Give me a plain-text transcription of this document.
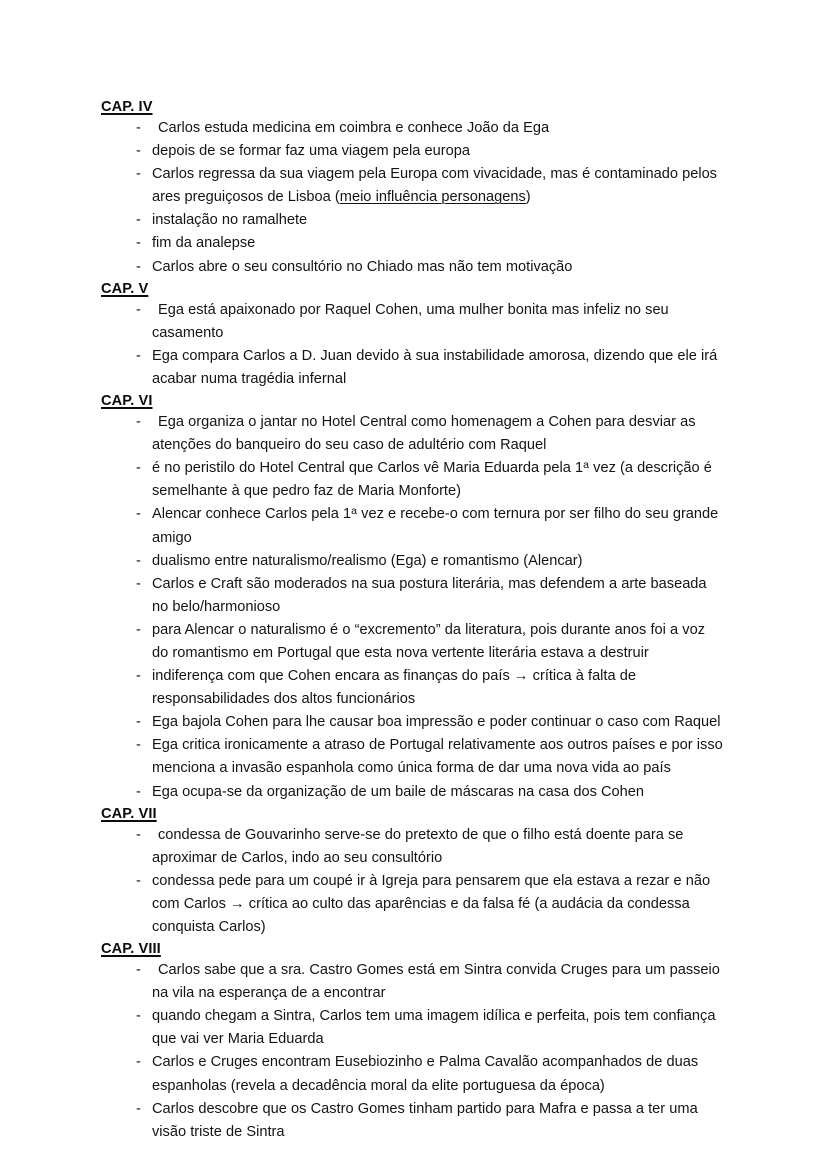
CAP. IV
- Carlos estuda medicina em coimbra e conhece João da Ega
- depois de se formar faz uma viagem pela europa
- Carlos regressa da sua viagem pela Europa com vivacidade, mas é contaminado pelos ares preguiçosos de Lisboa (meio influência personagens)
- instalação no ramalhete
- fim da analepse
- Carlos abre o seu consultório no Chiado mas não tem motivação
CAP. V
- Ega está apaixonado por Raquel Cohen, uma mulher bonita mas infeliz no seu casamento
- Ega compara Carlos a D. Juan devido à sua instabilidade amorosa, dizendo que ele irá acabar numa tragédia infernal
CAP. VI
- Ega organiza o jantar no Hotel Central como homenagem a Cohen para desviar as atenções do banqueiro do seu caso de adultério com Raquel
- é no peristilo do Hotel Central que Carlos vê Maria Eduarda pela 1$^a$ vez (a descrição é semelhante à que pedro faz de Maria Monforte)
- Alencar conhece Carlos pela 1$^a$ vez e recebe-o com ternura por ser filho do seu grande amigo
- dualismo entre naturalismo/realismo (Ega) e romantismo (Alencar)
- Carlos e Craft são moderados na sua postura literária, mas defendem a arte baseada no belo/harmonioso
- para Alencar o naturalismo é o “excremento” da literatura, pois durante anos foi a voz do romantismo em Portugal que esta nova vertente literária estava a destruir
- indiferença com que Cohen encara as finanças do país → crítica à falta de responsabilidades dos altos funcionários
- Ega bajola Cohen para lhe causar boa impressão e poder continuar o caso com Raquel
- Ega critica ironicamente a atraso de Portugal relativamente aos outros países e por isso menciona a invasão espanhola como única forma de dar uma nova vida ao país
- Ega ocupa-se da organização de um baile de máscaras na casa dos Cohen
CAP. VII
- condessa de Gouvarinho serve-se do pretexto de que o filho está doente para se aproximar de Carlos, indo ao seu consultório
- condessa pede para um coupé ir à Igreja para pensarem que ela estava a rezar e não com Carlos → crítica ao culto das aparências e da falsa fé (a audácia da condessa conquista Carlos)
CAP. VIII
- Carlos sabe que a sra. Castro Gomes está em Sintra convida Cruges para um passeio na vila na esperança de a encontrar
- quando chegam a Sintra, Carlos tem uma imagem idílica e perfeita, pois tem confiança que vai ver Maria Eduarda
- Carlos e Cruges encontram Eusebiozinho e Palma Cavalão acompanhados de duas espanholas (revela a decadência moral da elite portuguesa da época)
- Carlos descobre que os Castro Gomes tinham partido para Mafra e passa a ter uma visão triste de Sintra
